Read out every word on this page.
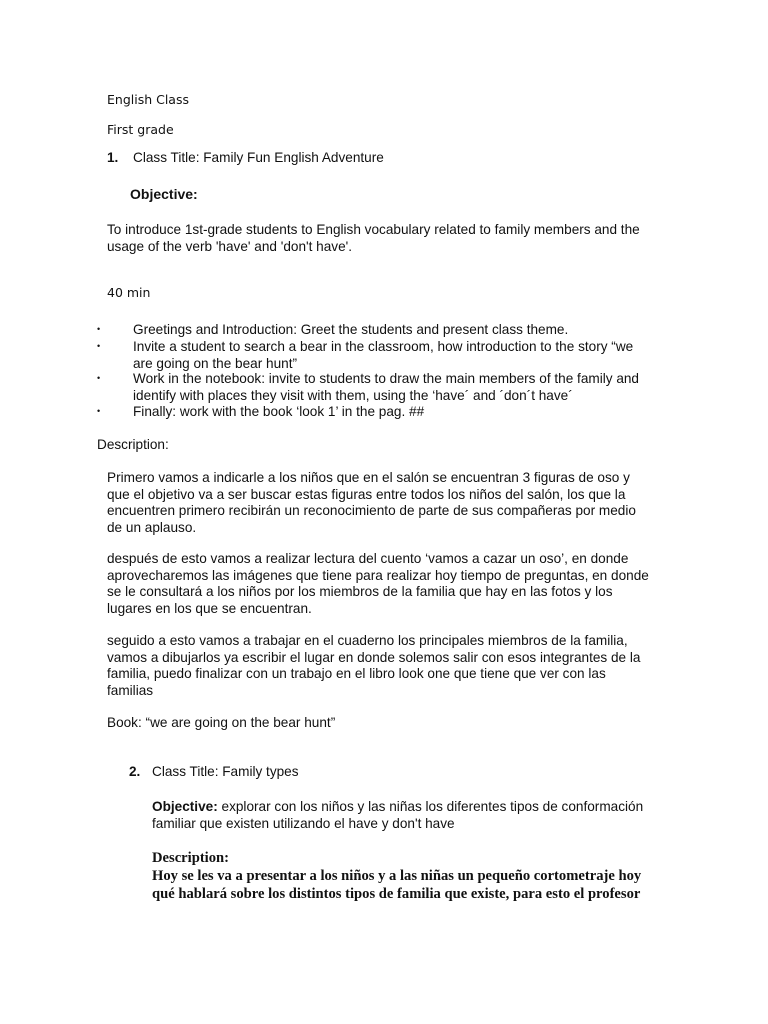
English Class
First grade
1. Class Title: Family Fun English Adventure
Objective:
To introduce 1st-grade students to English vocabulary related to family members and the
usage of the verb 'have' and 'don't have'.
40 min
• Greetings and Introduction: Greet the students and present class theme.
• Invite a student to search a bear in the classroom, how introduction to the story “we
are going on the bear hunt”
• Work in the notebook: invite to students to draw the main members of the family and
identify with places they visit with them, using the ‘have´ and ´don´t have´
• Finally: work with the book ‘look 1’ in the pag. ##
Description:
Primero vamos a indicarle a los niños que en el salón se encuentran 3 figuras de oso y
que el objetivo va a ser buscar estas figuras entre todos los niños del salón, los que la
encuentren primero recibirán un reconocimiento de parte de sus compañeras por medio
de un aplauso.
después de esto vamos a realizar lectura del cuento ‘vamos a cazar un oso’, en donde
aprovecharemos las imágenes que tiene para realizar hoy tiempo de preguntas, en donde
se le consultará a los niños por los miembros de la familia que hay en las fotos y los
lugares en los que se encuentran.
seguido a esto vamos a trabajar en el cuaderno los principales miembros de la familia,
vamos a dibujarlos ya escribir el lugar en donde solemos salir con esos integrantes de la
familia, puedo finalizar con un trabajo en el libro look one que tiene que ver con las
familias
Book: “we are going on the bear hunt”
2. Class Title: Family types
Objective: explorar con los niños y las niñas los diferentes tipos de conformación
familiar que existen utilizando el have y don't have
Description:
Hoy se les va a presentar a los niños y a las niñas un pequeño cortometraje hoy
qué hablará sobre los distintos tipos de familia que existe, para esto el profesor
